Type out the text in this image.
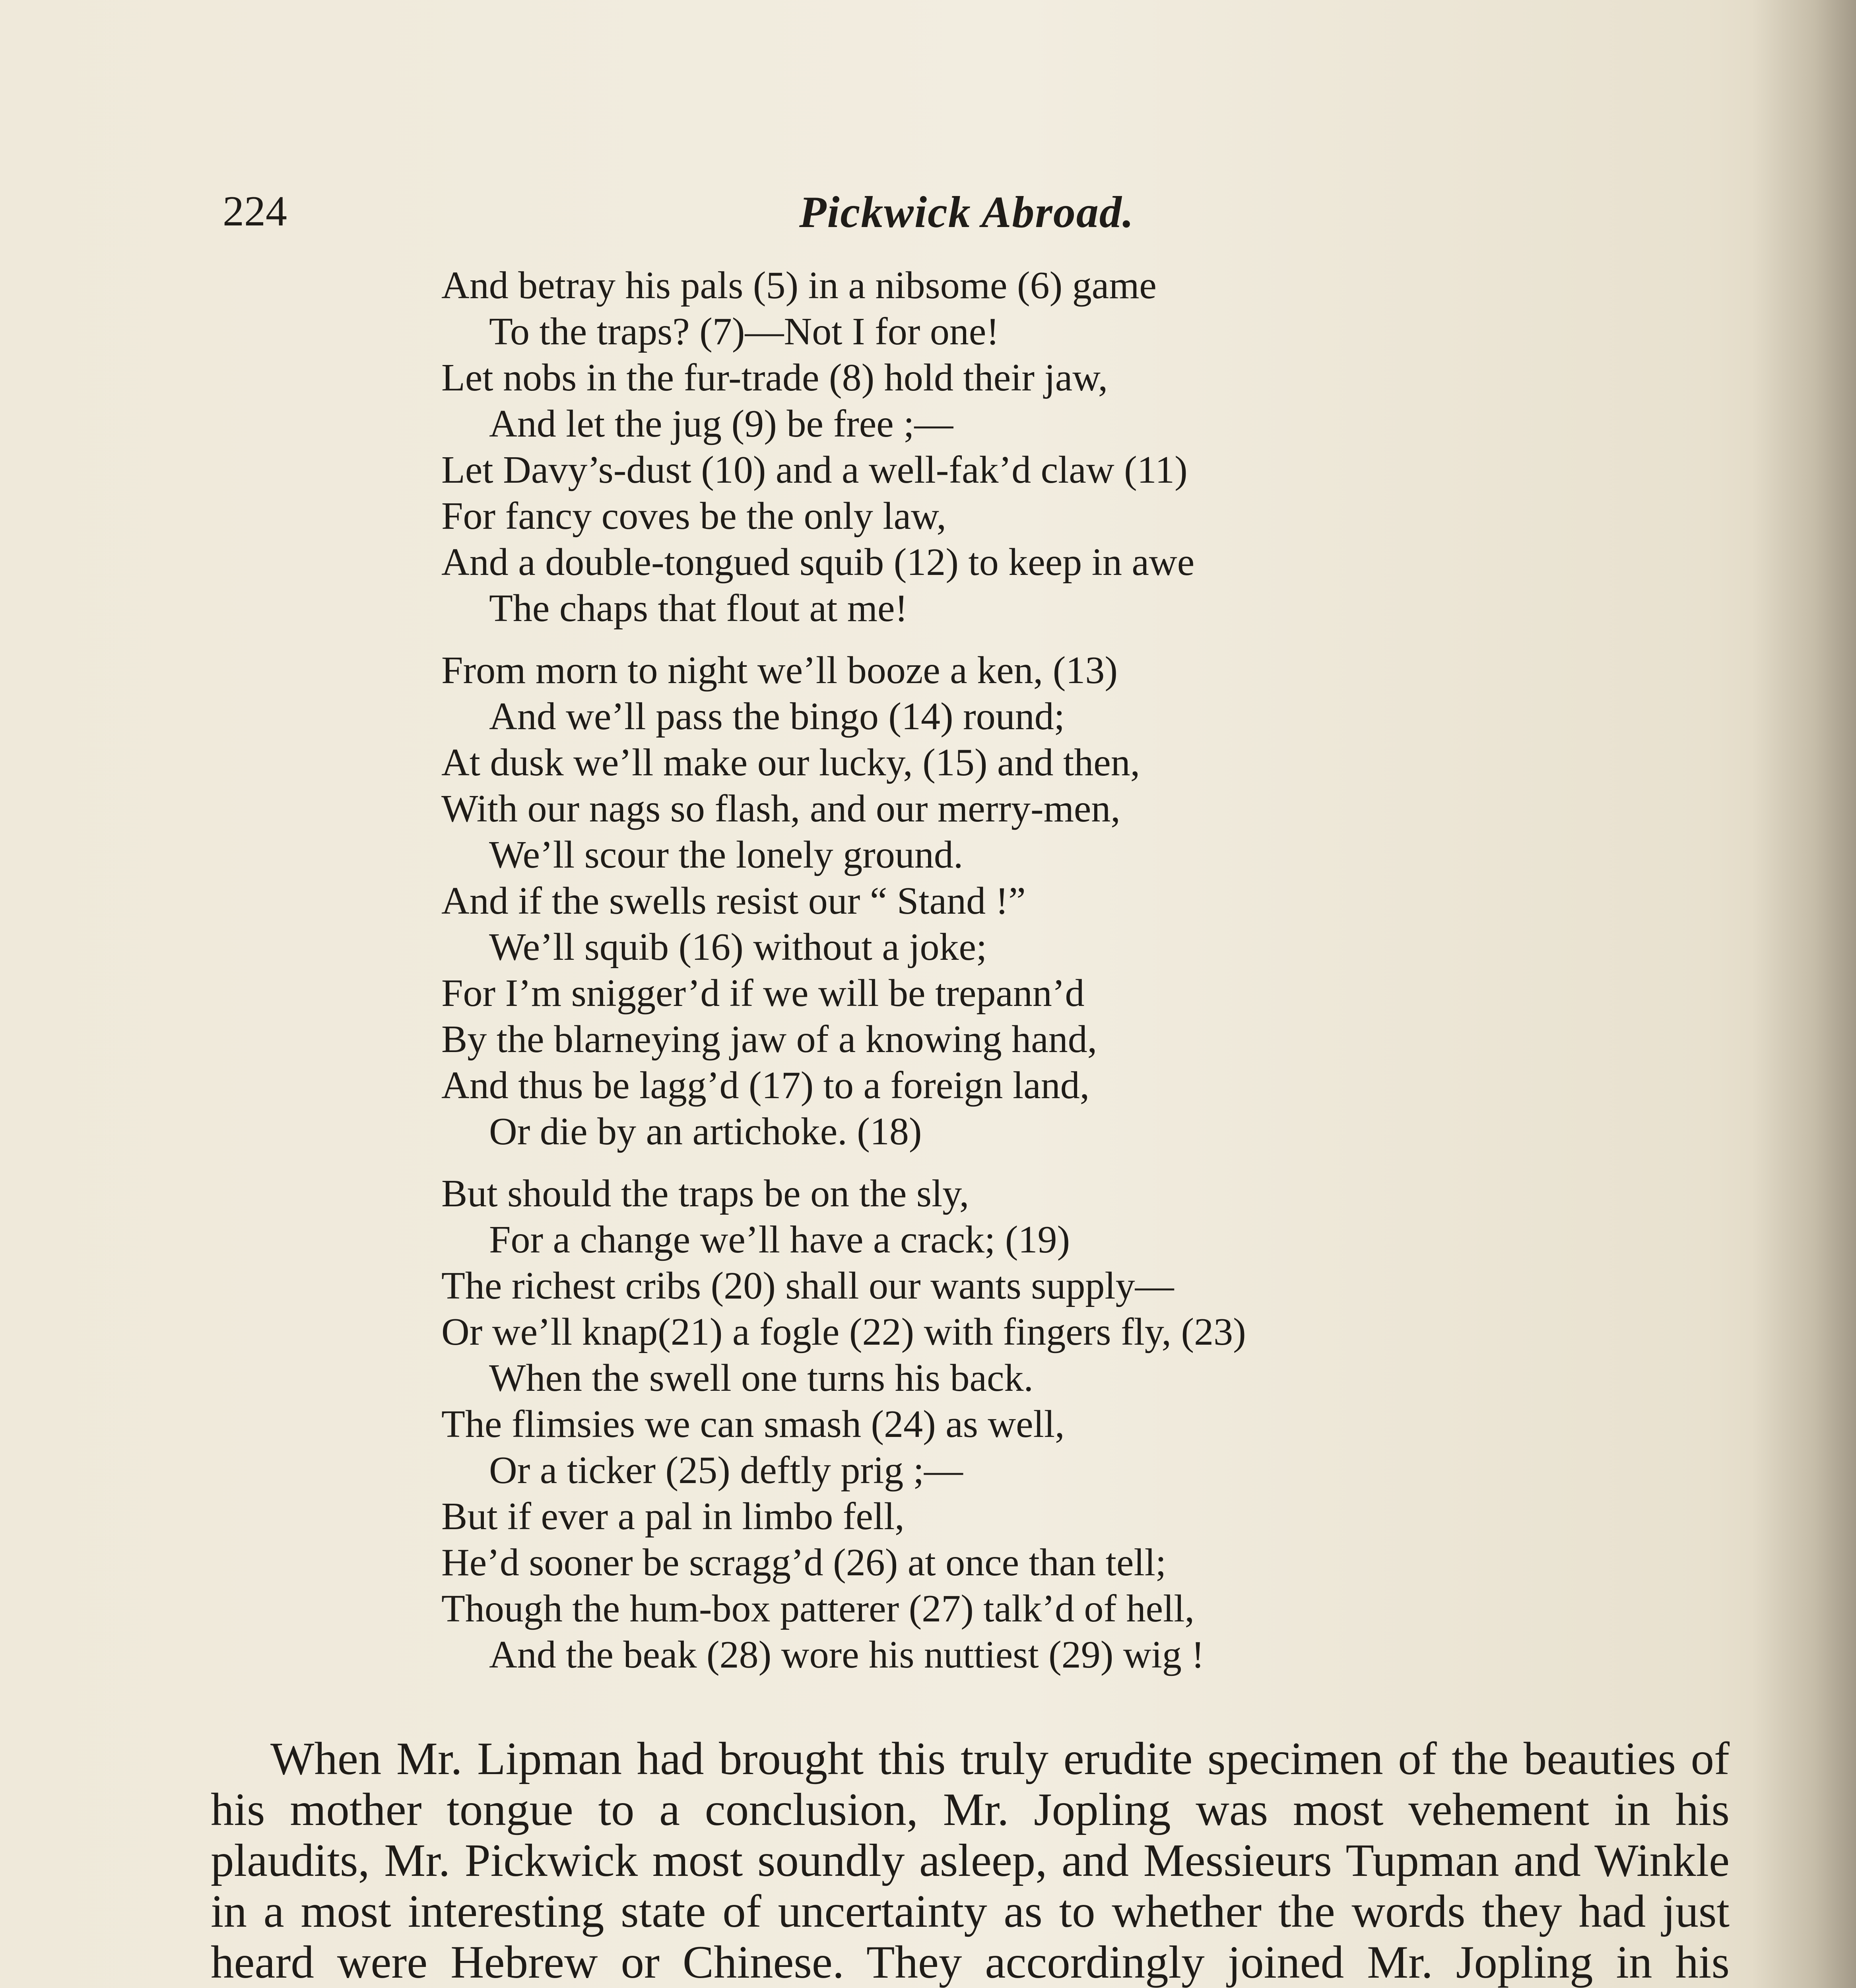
224	Pickwick Abroad.
And betray his pals (5) in a nibsome (6) game
To the traps? (7)—Not I for one!
Let nobs in the fur-trade (8) hold their jaw,
And let the jug (9) be free ;—
Let Davy’s-dust (10) and a well-fak’d claw (11)
For fancy coves be the only law,
And a double-tongued squib (12) to keep in awe
The chaps that flout at me!
From morn to night we’ll booze a ken, (13)
And we’ll pass the bingo (14) round;
At dusk we’ll make our lucky, (15) and then,
With our nags so flash, and our merry-men,
We’ll scour the lonely ground.
And if the swells resist our “ Stand !”
We’ll squib (16) without a joke;
For I’m snigger’d if we will be trepann’d
By the blarneying jaw of a knowing hand,
And thus be lagg’d (17) to a foreign land,
Or die by an artichoke. (18)
But should the traps be on the sly,
For a change we’ll have a crack; (19)
The richest cribs (20) shall our wants supply—
Or we’ll knap(21) a fogle (22) with fingers fly, (23)
When the swell one turns his back.
The flimsies we can smash (24) as well,
Or a ticker (25) deftly prig ;—
But if ever a pal in limbo fell,
He’d sooner be scragg’d (26) at once than tell;
Though the hum-box patterer (27) talk’d of hell,
And the beak (28) wore his nuttiest (29) wig !

When Mr. Lipman had brought this truly erudite specimen of the beauties of his mother tongue to a conclusion, Mr. Jopling was most vehement in his plaudits, Mr. Pickwick most soundly asleep, and Messieurs Tupman and Winkle in a most interesting state of uncertainty as to whether the words they had just heard were Hebrew or Chinese. They accordingly joined Mr. Jopling in his
